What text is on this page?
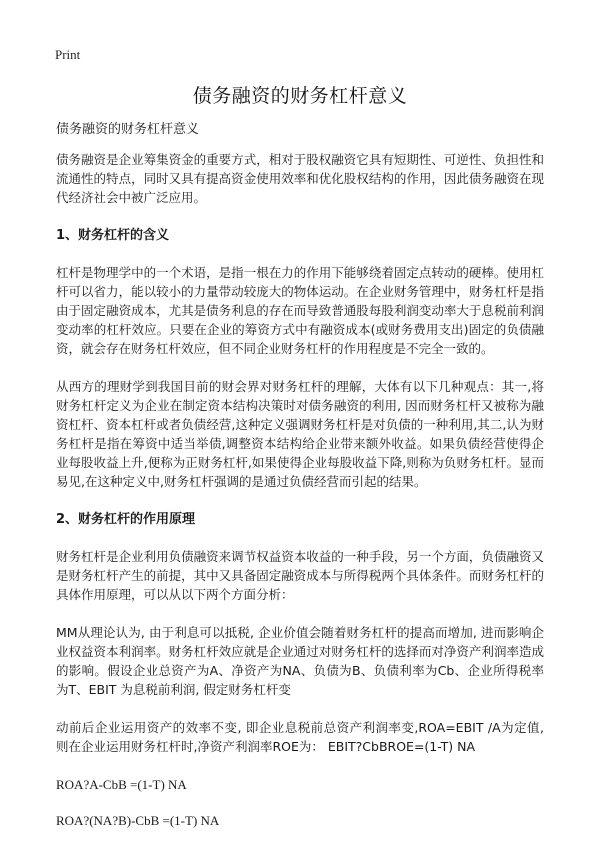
Print
债务融资的财务杠杆意义

债务融资的财务杠杆意义

债务融资是企业筹集资金的重要方式，相对于股权融资它具有短期性、可逆性、负担性和流通性的特点，同时又具有提高资金使用效率和优化股权结构的作用，因此债务融资在现代经济社会中被广泛应用。

1、财务杠杆的含义

杠杆是物理学中的一个术语，是指一根在力的作用下能够绕着固定点转动的硬棒。使用杠杆可以省力，能以较小的力量带动较庞大的物体运动。在企业财务管理中，财务杠杆是指由于固定融资成本，尤其是债务利息的存在而导致普通股每股利润变动率大于息税前利润变动率的杠杆效应。只要在企业的筹资方式中有融资成本(或财务费用支出)固定的负债融资，就会存在财务杠杆效应，但不同企业财务杠杆的作用程度是不完全一致的。

从西方的理财学到我国目前的财会界对财务杠杆的理解，大体有以下几种观点：其一,将财务杠杆定义为企业在制定资本结构决策时对债务融资的利用, 因而财务杠杆又被称为融资杠杆、资本杠杆或者负债经营,这种定义强调财务杠杆是对负债的一种利用,其二,认为财务杠杆是指在筹资中适当举债,调整资本结构给企业带来额外收益。如果负债经营使得企业每股收益上升,便称为正财务杠杆,如果使得企业每股收益下降,则称为负财务杠杆。显而易见,在这种定义中,财务杠杆强调的是通过负债经营而引起的结果。

2、财务杠杆的作用原理

财务杠杆是企业利用负债融资来调节权益资本收益的一种手段，另一个方面，负债融资又是财务杠杆产生的前提，其中又具备固定融资成本与所得税两个具体条件。而财务杠杆的具体作用原理，可以从以下两个方面分析：

MM从理论认为, 由于利息可以抵税, 企业价值会随着财务杠杆的提高而增加, 进而影响企业权益资本利润率。财务杠杆效应就是企业通过对财务杠杆的选择而对净资产利润率造成的影响。假设企业总资产为A、净资产为NA、负债为B、负债利率为Cb、企业所得税率为T、EBIT 为息税前利润, 假定财务杠杆变

动前后企业运用资产的效率不变, 即企业息税前总资产利润率变,ROA=EBIT /A为定值, 则在企业运用财务杠杆时,净资产利润率ROE为： EBIT?CbBROE=(1-T) NA

ROA?A-CbB =(1-T) NA

ROA?(NA?B)-CbB =(1-T) NA
